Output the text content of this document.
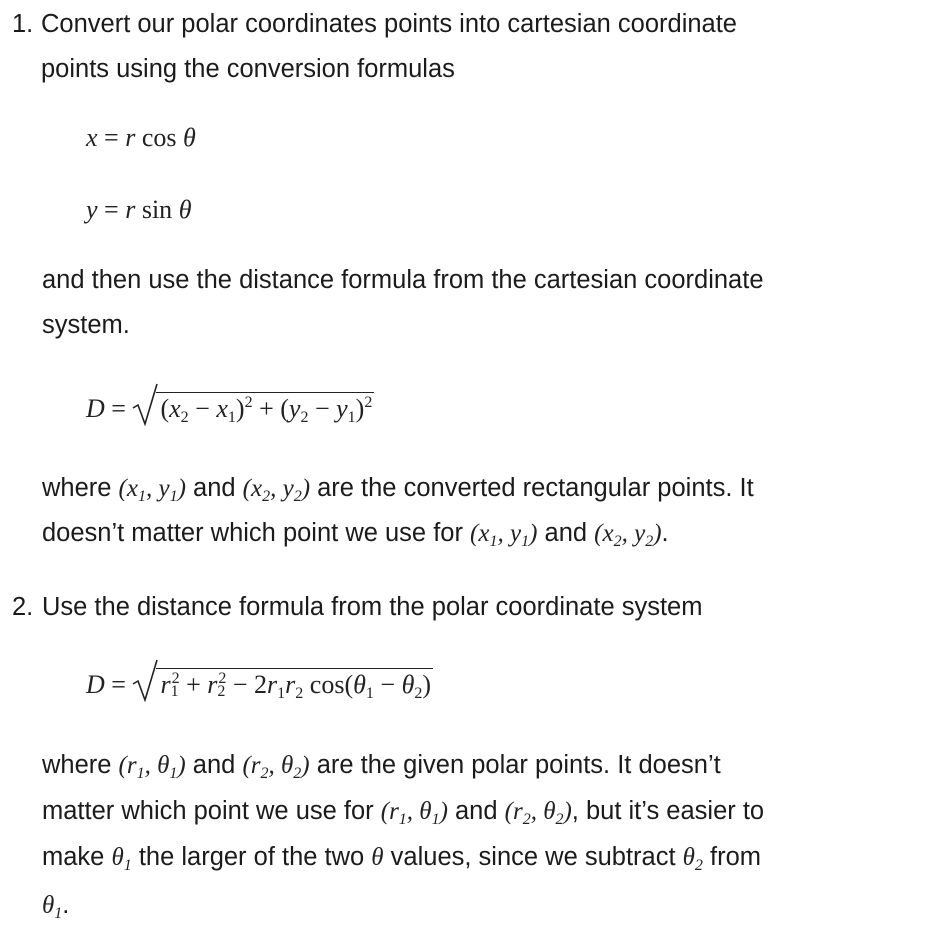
1. Convert our polar coordinates points into cartesian coordinate
points using the conversion formulas
x = r cos θ
y = r sin θ
and then use the distance formula from the cartesian coordinate
system.
D =
$(x_2 - x_1)^2 + (y_2 - y_1)^2$
where ($x_1$, $y_1$) and ($x_2$, $y_2$) are the converted rectangular points. It
doesn’t matter which point we use for ($x_1$, $y_1$) and ($x_2$, $y_2$).
2. Use the distance formula from the polar coordinate system
D =
$r_1^2 + r_2^2 - 2r_1r_2$ $\cos(\theta_1 - \theta_2)$
where ($r_1$, $\theta_1$) and ($r_2$, $\theta_2$) are the given polar points. It doesn’t
matter which point we use for ($r_1$, $\theta_1$) and ($r_2$, $\theta_2$), but it’s easier to
make $\theta_1$ the larger of the two θ values, since we subtract $\theta_2$ from
$\theta_1$.
